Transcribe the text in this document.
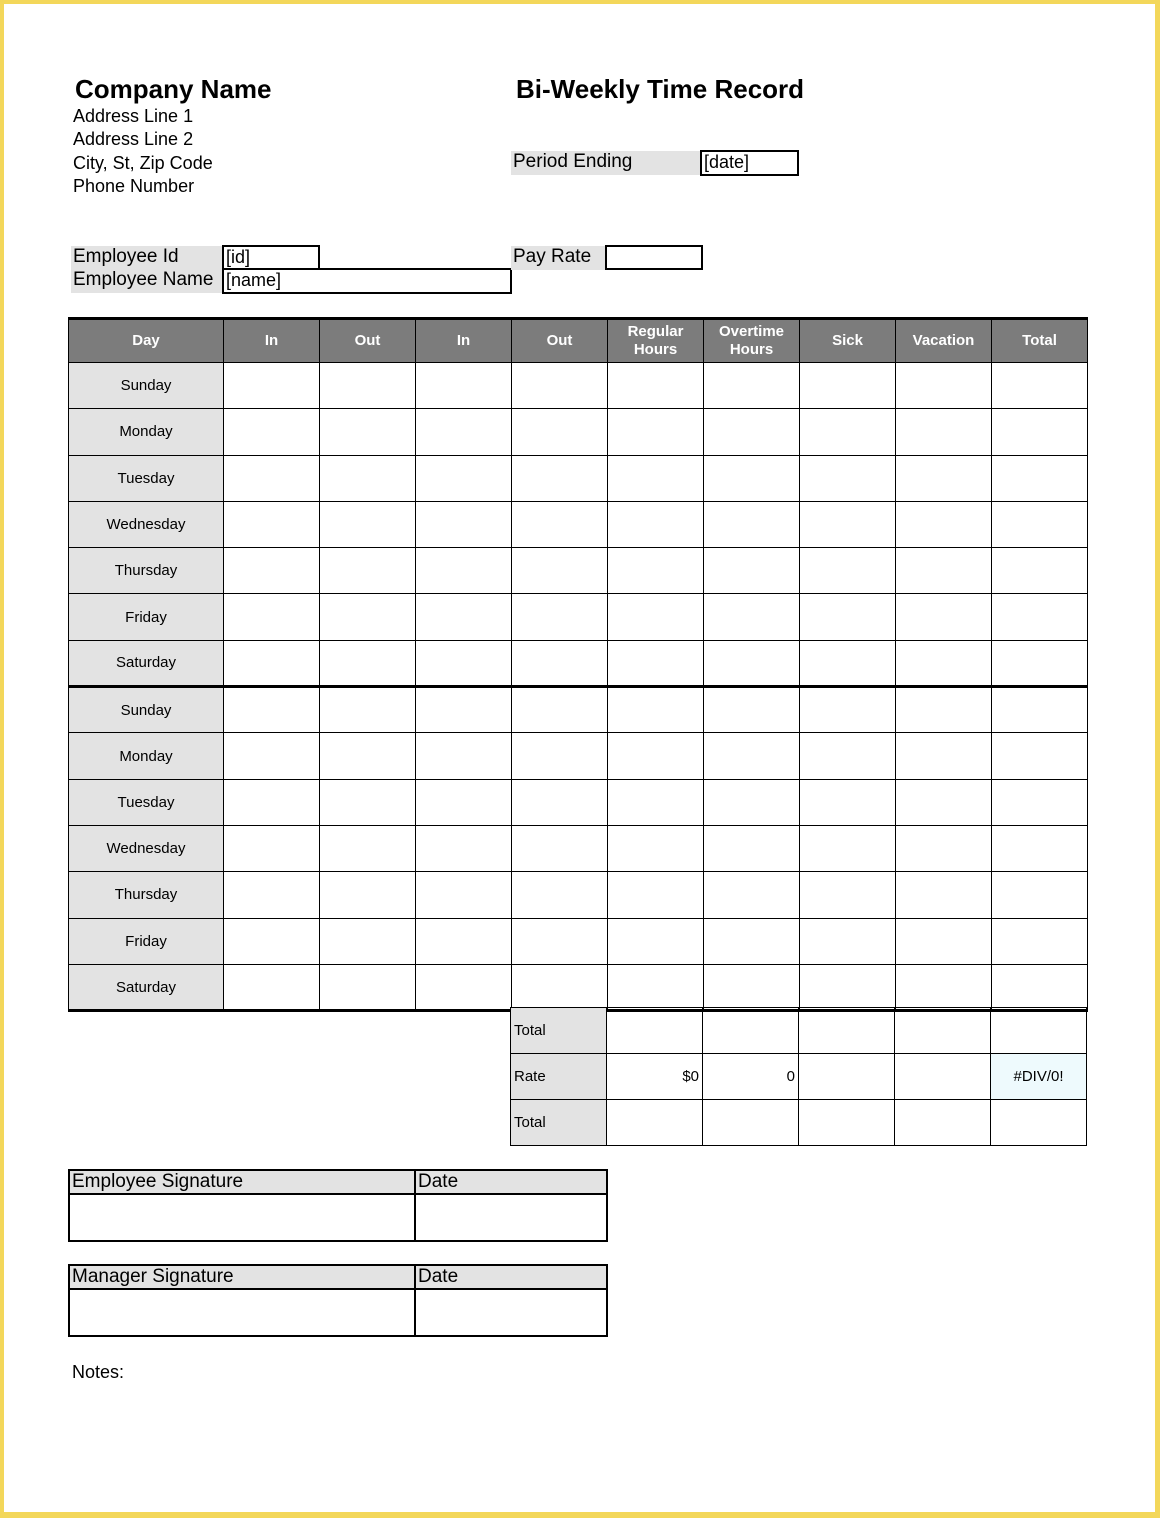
Company Name
Address Line 1
Address Line 2
City, St, Zip Code
Phone Number
Bi-Weekly Time Record
Period Ending	[date]
Employee Id	[id]
Employee Name [name]
Pay Rate
Day	In	Out	In	Out	Regular Hours	Overtime Hours	Sick	Vacation	Total
Sunday									
Monday									
Tuesday									
Wednesday									
Thursday									
Friday									
Saturday									
Sunday									
Monday									
Tuesday									
Wednesday									
Thursday									
Friday									
Saturday									
Total					
Rate	$0	0			#DIV/0!
Total					
Employee Signature	Date

Manager Signature	Date

Notes:
